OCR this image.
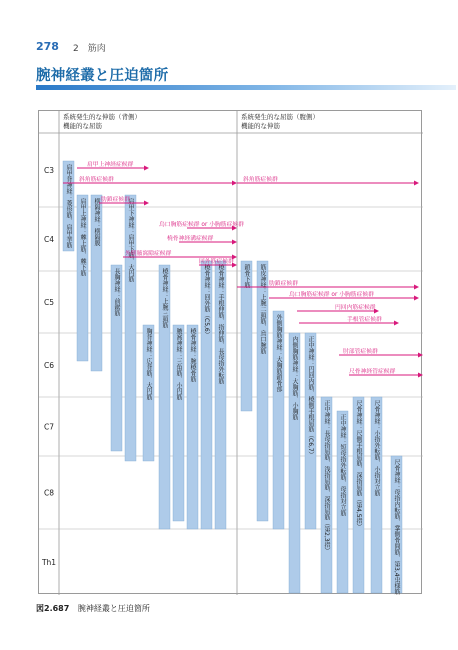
278 2　筋肉
腕神経叢と圧迫箇所
系統発生的な伸筋（背側）
機能的な屈筋
系統発生的な屈筋（腹側）
機能的な伸筋
C3
C4
C5
C6
C7
C8
Th1
肩甲背神経：菱形筋、肩甲挙筋
長胸神経：前鋸筋
肩甲上神経：棘上筋、棘下筋	肩甲下神経：肩甲下筋、大円筋
胸背神経：広背筋、大円筋	腋窩神経：三角筋、小円筋
橈骨神経：上腕三頭筋
橈骨神経：腕橈骨筋
橈骨神経：回外筋（C5,6） 橈骨神経：手根伸筋、指伸筋、長母指外転筋
横隔神経：横隔膜
鎖骨下筋 筋皮神経：上腕二頭筋、烏口腕筋 外側胸筋神経：大胸筋鎖骨部 内側胸筋神経：大胸筋、小胸筋 正中神経：円回内筋、橈側手根屈筋（C6,7）
正中神経：長母指屈筋、浅指屈筋、深指屈筋（第2,3指） 正中神経：短母指外転筋、母指対立筋 尺骨神経：尺側手根屈筋、深指屈筋（第4,5指） 尺骨神経：小指外転筋、小指対立筋
尺骨神経：母指内転筋、掌側骨間筋、第3,4虫様筋
肩甲上神経症候群
斜角筋症候群
肋鎖症候群
烏口胸筋症候群 or 小胸筋症候群
橈骨神経溝症候群
外側腋窩隙症候群
回外筋症候群
斜角筋症候群
肋鎖症候群
烏口胸筋症候群 or 小胸筋症候群
円回内筋症候群
手根管症候群
肘部管症候群
尺骨神経管症候群
図2.687 腕神経叢と圧迫箇所
